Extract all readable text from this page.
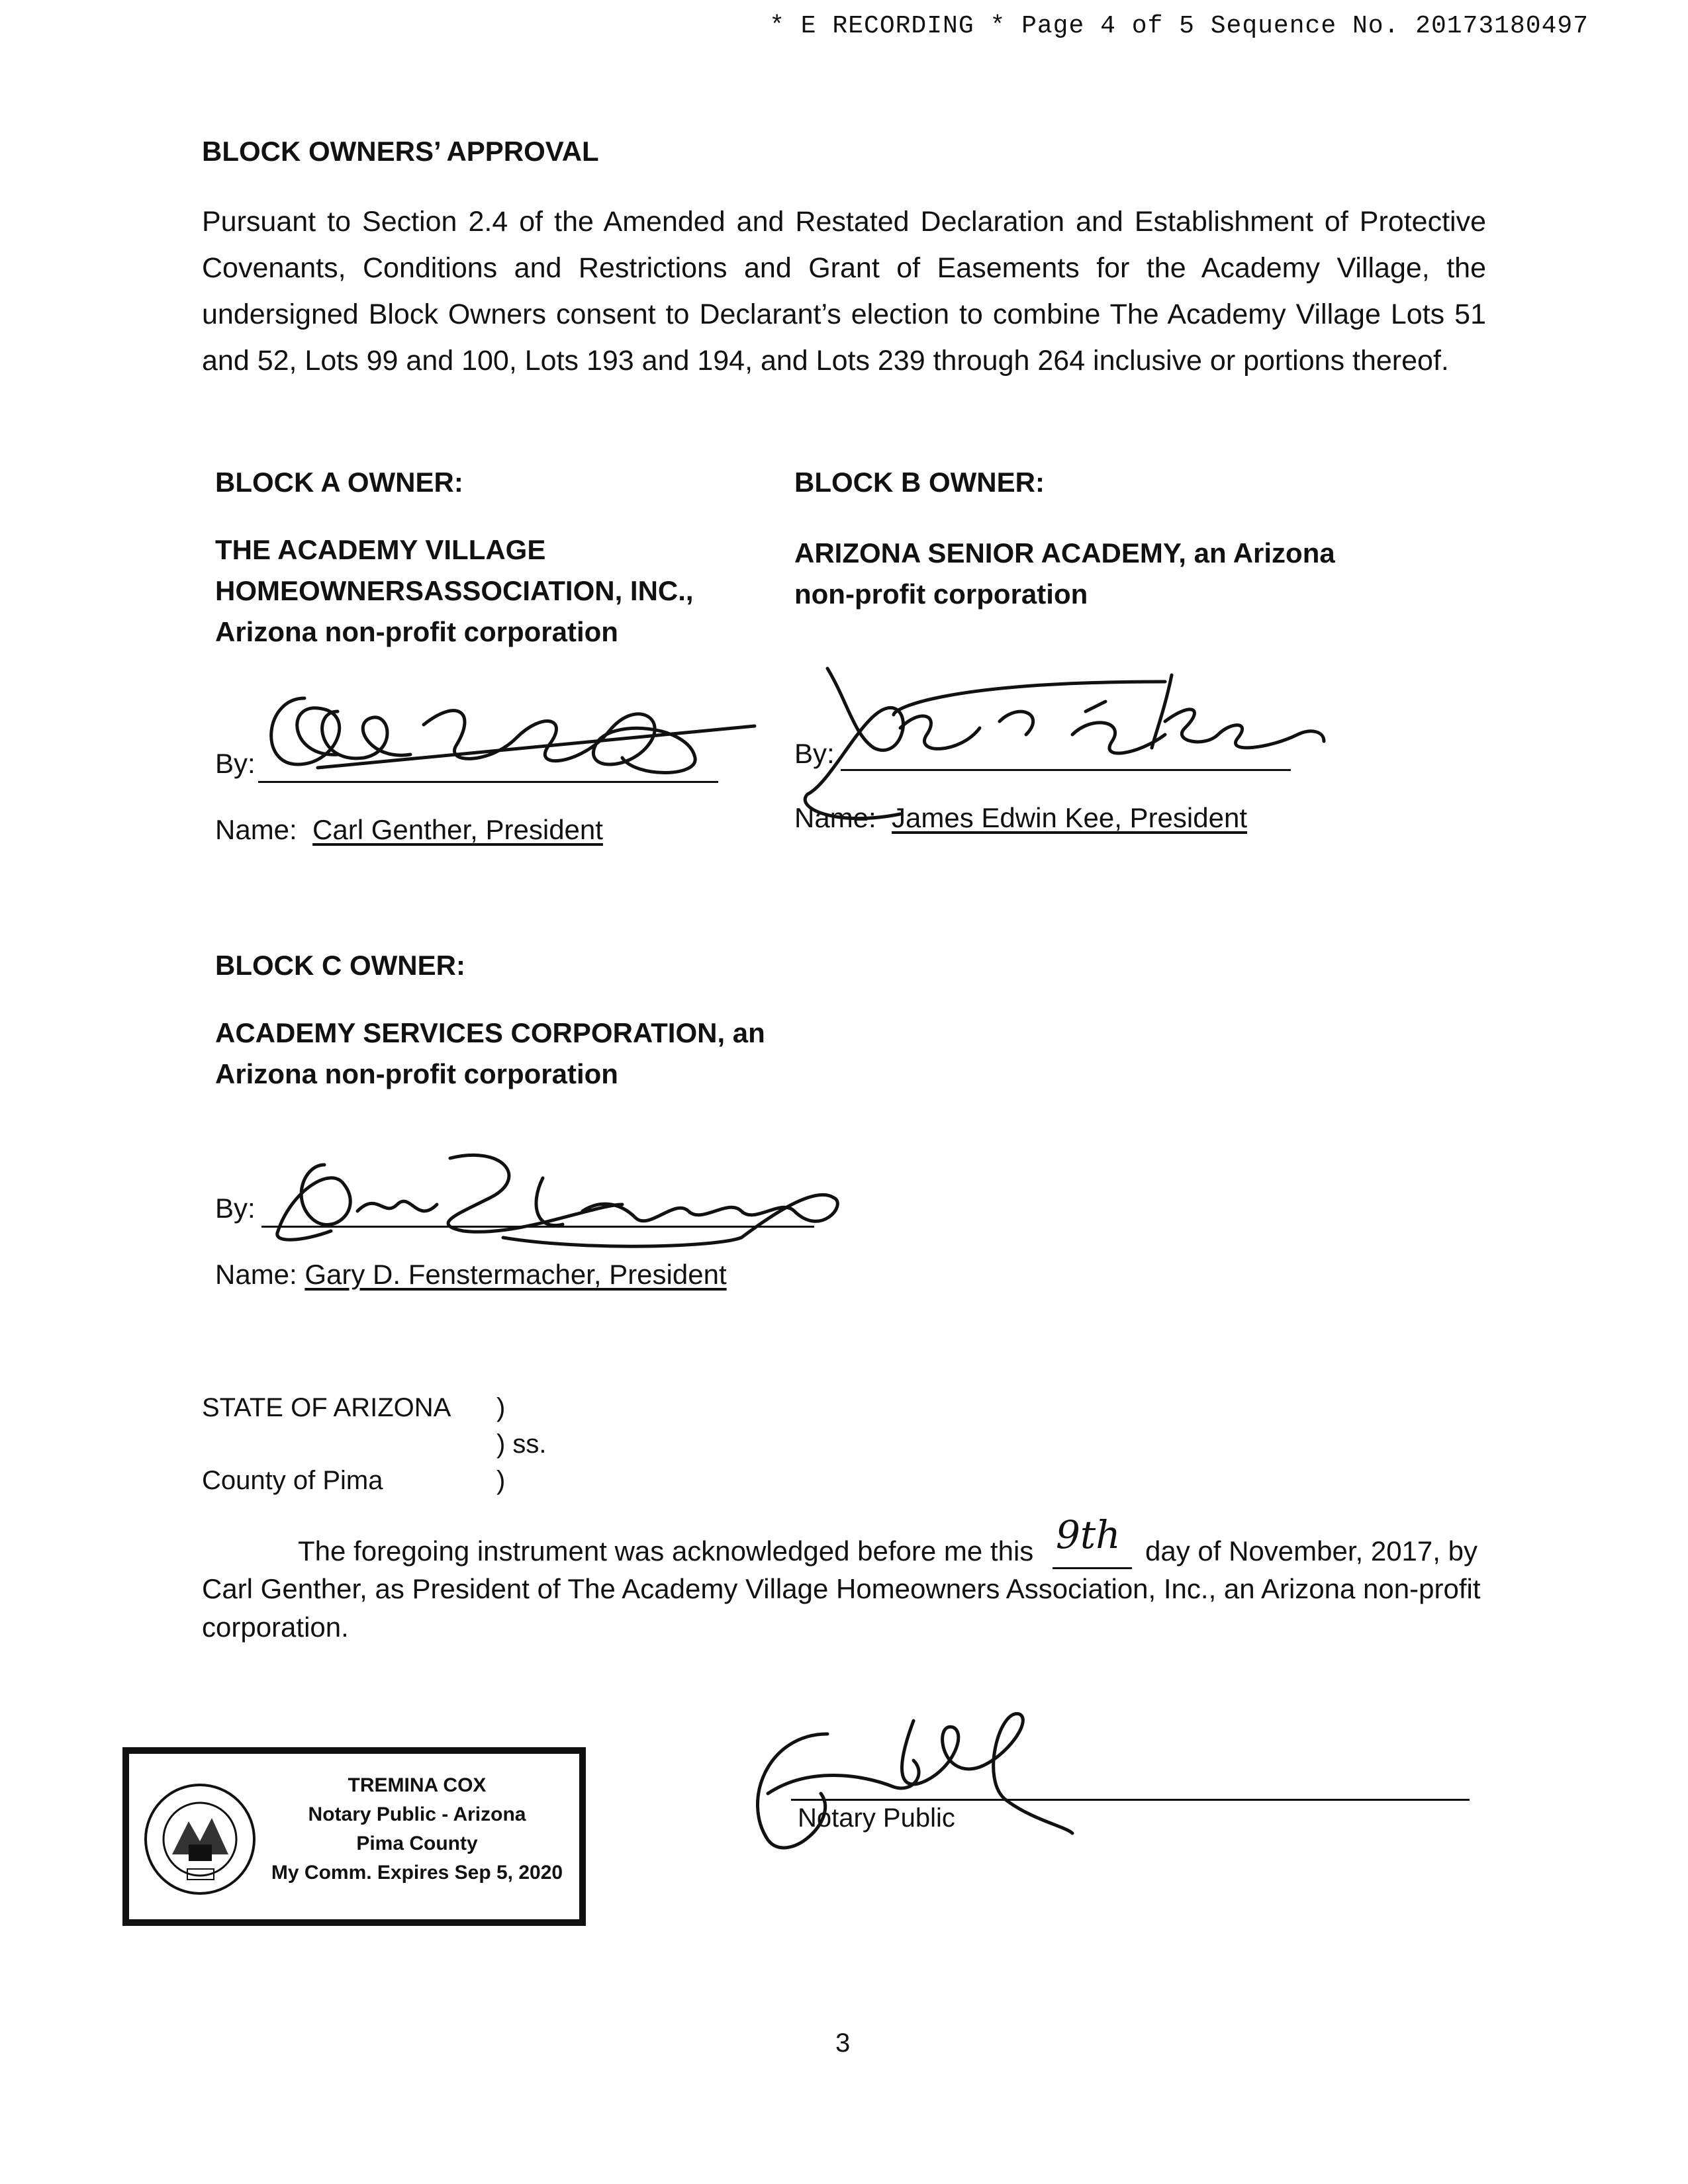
* E RECORDING * Page 4 of 5 Sequence No. 20173180497
BLOCK OWNERS’ APPROVAL
Pursuant to Section 2.4 of the Amended and Restated Declaration and Establishment of Protective Covenants, Conditions and Restrictions and Grant of Easements for the Academy Village, the undersigned Block Owners consent to Declarant’s election to combine The Academy Village Lots 51 and 52, Lots 99 and 100, Lots 193 and 194, and Lots 239 through 264 inclusive or portions thereof.
BLOCK A OWNER:
THE ACADEMY VILLAGE
HOMEOWNERSASSOCIATION, INC.,
Arizona non-profit corporation
By:
Name: Carl Genther, President
BLOCK B OWNER:
ARIZONA SENIOR ACADEMY, an Arizona
non-profit corporation
By:
Name: James Edwin Kee, President
BLOCK C OWNER:
ACADEMY SERVICES CORPORATION, an
Arizona non-profit corporation
By:
Name: Gary D. Fenstermacher, President
STATE OF ARIZONA )
) ss.
County of Pima	)
The foregoing instrument was acknowledged before me this 9th day of November, 2017, by
Carl Genther, as President of The Academy Village Homeowners Association, Inc., an Arizona non-profit
corporation.
TREMINA COX
Notary Public - Arizona
Pima County
My Comm. Expires Sep 5, 2020
Notary Public
3
